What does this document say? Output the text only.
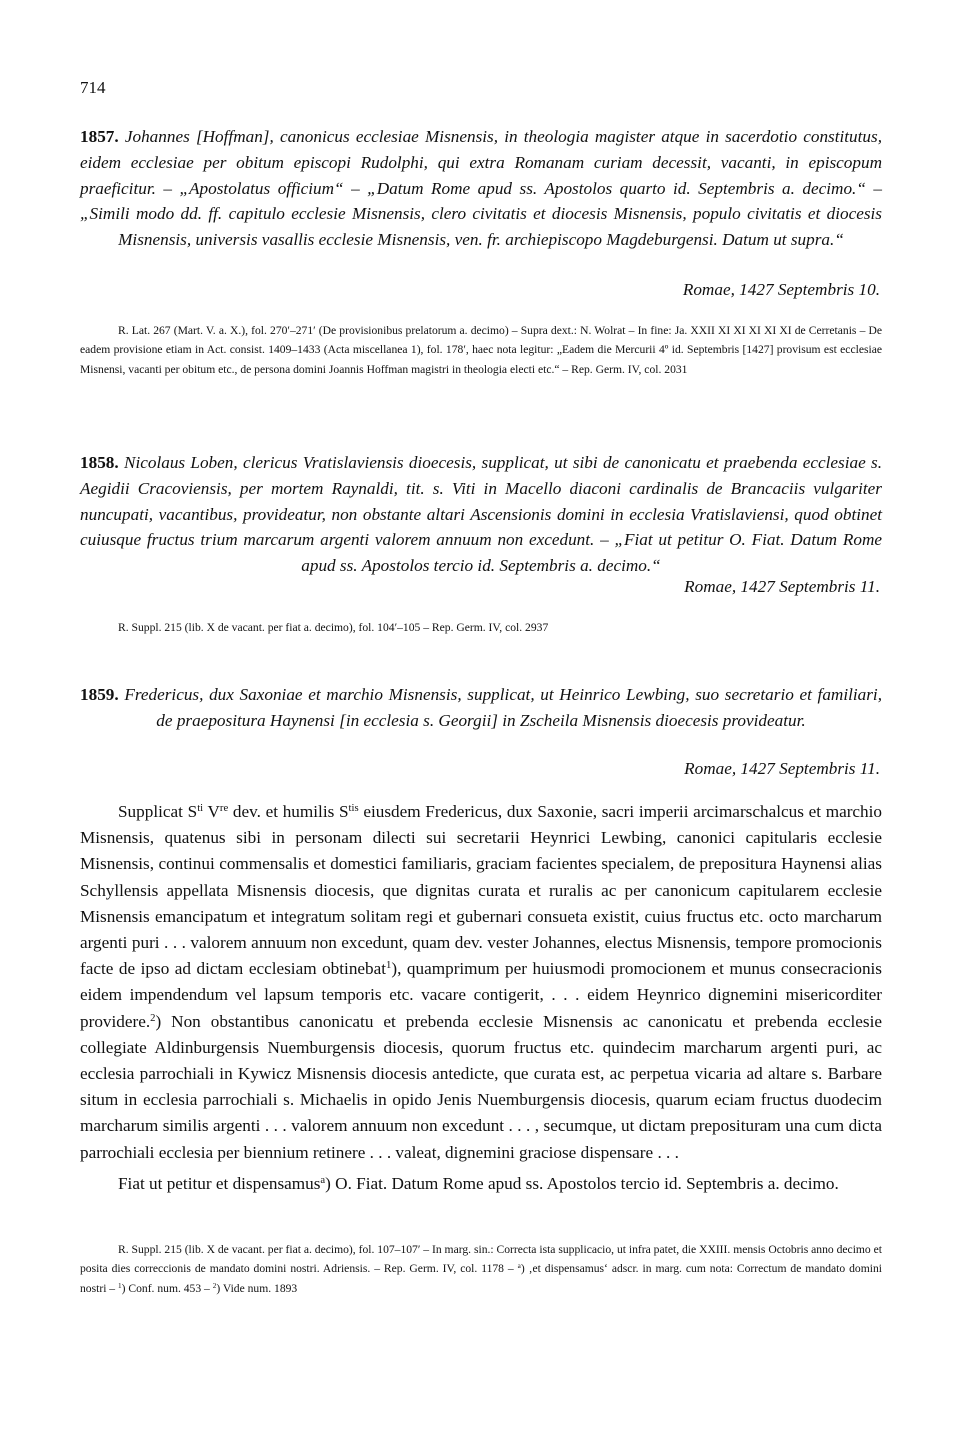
714
1857. Johannes [Hoffman], canonicus ecclesiae Misnensis, in theologia magister atque in sacerdotio constitutus, eidem ecclesiae per obitum episcopi Rudolphi, qui extra Romanam curiam decessit, vacanti, in episcopum praeficitur. – „Apostolatus officium“ – „Datum Rome apud ss. Apostolos quarto id. Septembris a. decimo.“ – „Simili modo dd. ff. capitulo ecclesie Misnensis, clero civitatis et diocesis Misnensis, populo civitatis et diocesis Misnensis, universis vasallis ecclesie Misnensis, ven. fr. archiepiscopo Magdeburgensi. Datum ut supra.“
Romae, 1427 Septembris 10.
R. Lat. 267 (Mart. V. a. X.), fol. 270′–271′ (De provisionibus prelatorum a. decimo) – Supra dext.: N. Wolrat – In fine: Ja. XXII XI XI XI XI XI de Cerretanis – De eadem provisione etiam in Act. consist. 1409–1433 (Acta miscellanea 1), fol. 178′, haec nota legitur: „Eadem die Mercurii 4º id. Septembris [1427] provisum est ecclesiae Misnensi, vacanti per obitum etc., de persona domini Joannis Hoffman magistri in theologia electi etc.“ – Rep. Germ. IV, col. 2031
1858. Nicolaus Loben, clericus Vratislaviensis dioecesis, supplicat, ut sibi de canonicatu et praebenda ecclesiae s. Aegidii Cracoviensis, per mortem Raynaldi, tit. s. Viti in Macello diaconi cardinalis de Brancaciis vulgariter nuncupati, vacantibus, provideatur, non obstante altari Ascensionis domini in ecclesia Vratislaviensi, quod obtinet cuiusque fructus trium marcarum argenti valorem annuum non excedunt. – „Fiat ut petitur O. Fiat. Datum Rome apud ss. Apostolos tercio id. Septembris a. decimo.“
Romae, 1427 Septembris 11.
R. Suppl. 215 (lib. X de vacant. per fiat a. decimo), fol. 104′–105 – Rep. Germ. IV, col. 2937
1859. Fredericus, dux Saxoniae et marchio Misnensis, supplicat, ut Heinrico Lewbing, suo secretario et familiari, de praepositura Haynensi [in ecclesia s. Georgii] in Zscheila Misnensis dioecesis provideatur.
Romae, 1427 Septembris 11.
Supplicat $S^{ti}$ Vre dev. et humilis $S^{tis}$ eiusdem Fredericus, dux Saxonie, sacri imperii arcimarschalcus et marchio Misnensis, quatenus sibi in personam dilecti sui secretarii Heynrici Lewbing, canonici capitularis ecclesie Misnensis, continui commensalis et domestici familiaris, graciam facientes specialem, de prepositura Haynensi alias Schyllensis appellata Misnensis diocesis, que dignitas curata et ruralis ac per canonicum capitularem ecclesie Misnensis emancipatum et integratum solitam regi et gubernari consueta existit, cuius fructus etc. octo marcharum argenti puri . . . valorem annuum non excedunt, quam dev. vester Johannes, electus Misnensis, tempore promocionis facte de ipso ad dictam ecclesiam obtinebat$^1$), quamprimum per huiusmodi promocionem et munus consecracionis eidem impendendum vel lapsum temporis etc. vacare contigerit, . . . eidem Heynrico dignemini misericorditer providere.$^2$) Non obstantibus canonicatu et prebenda ecclesie Misnensis ac canonicatu et prebenda ecclesie collegiate Aldinburgensis Nuemburgensis diocesis, quorum fructus etc. quindecim marcharum argenti puri, ac ecclesia parrochiali in Kywicz Misnensis diocesis antedicte, que curata est, ac perpetua vicaria ad altare s. Barbare situm in ecclesia parrochiali s. Michaelis in opido Jenis Nuemburgensis diocesis, quarum eciam fructus duodecim marcharum similis argenti . . . valorem annuum non excedunt . . . , secumque, ut dictam preposituram una cum dicta parrochiali ecclesia per biennium retinere . . . valeat, dignemini graciose dispensare . . .
Fiat ut petitur et dispensamus$^a$) O. Fiat. Datum Rome apud ss. Apostolos tercio id. Septembris a. decimo.
R. Suppl. 215 (lib. X de vacant. per fiat a. decimo), fol. 107–107′ – In marg. sin.: Correcta ista supplicacio, ut infra patet, die XXIII. mensis Octobris anno decimo et posita dies correccionis de mandato domini nostri. Adriensis. – Rep. Germ. IV, col. 1178 – $^a$) ‚et dispensamus‘ adscr. in marg. cum nota: Correctum de mandato domini nostri – $^1$) Conf. num. 453 – $^2$) Vide num. 1893
